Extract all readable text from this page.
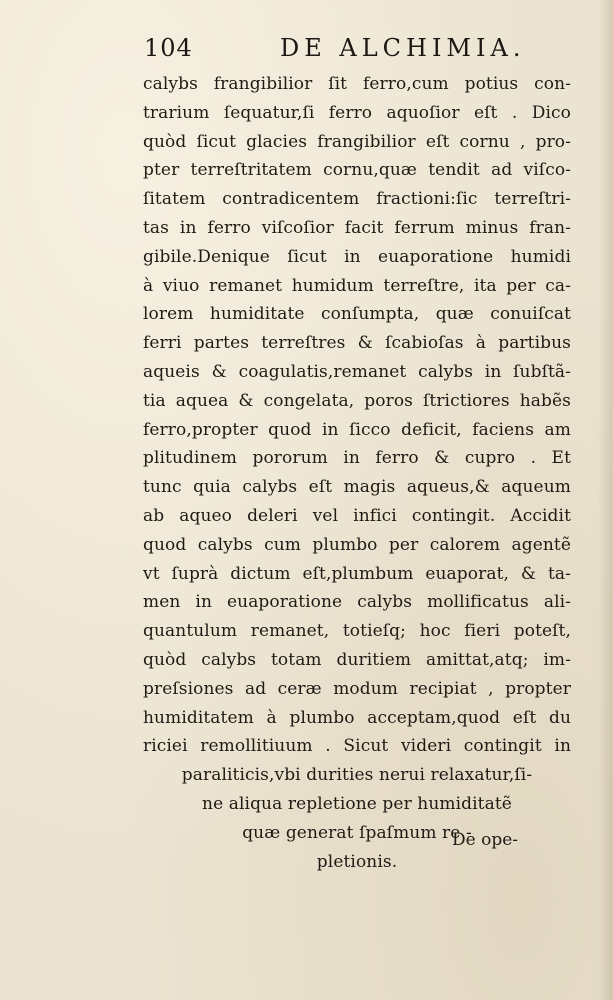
104	DE ALCHIMIA.
calybs frangibilior ſit ferro,cum potius con-
trarium ſequatur,ſi ferro aquoſior eſt . Dico
quòd ſicut glacies frangibilior eſt cornu , pro-
pter terreſtritatem cornu,quæ tendit ad viſco-
ſitatem contradicentem fractioni:ſic terreſtri-
tas in ferro viſcoſior facit ferrum minus fran-
gibile.Denique ſicut in euaporatione humidi
à viuo remanet humidum terreſtre, ita per ca-
lorem humiditate conſumpta, quæ conuiſcat
ferri partes terreſtres & ſcabioſas à partibus
aqueis & coagulatis,remanet calybs in ſubſtã-
tia aquea & congelata, poros ſtrictiores habẽs
ferro,propter quod in ſicco deficit, faciens am
plitudinem pororum in ferro & cupro . Et
tunc quia calybs eſt magis aqueus,& aqueum
ab aqueo deleri vel infici contingit. Accidit
quod calybs cum plumbo per calorem agentẽ
vt ſuprà dictum eſt,plumbum euaporat, & ta-
men in euaporatione calybs mollificatus ali-
quantulum remanet, totieſq; hoc fieri poteſt,
quòd calybs totam duritiem amittat,atq; im-
preſsiones ad ceræ modum recipiat , propter
humiditatem à plumbo acceptam,quod eſt du
riciei remollitiuum . Sicut videri contingit in
paraliticis,vbi durities nerui relaxatur,ſi-
ne aliqua repletione per humiditatẽ
quæ generat ſpaſmum re -
pletionis.
De ope-
